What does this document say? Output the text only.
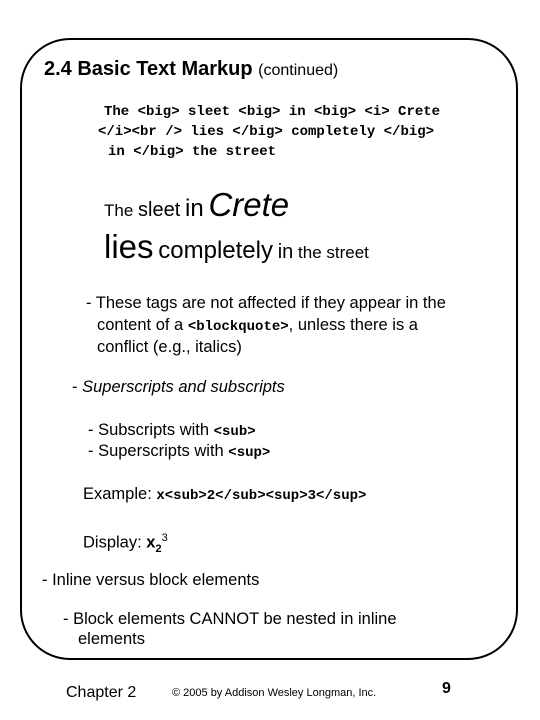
2.4 Basic Text Markup (continued)
The <big> sleet <big> in <big> <i> Crete
</i><br /> lies </big> completely </big>
in </big> the street
The sleet in Crete
lies completely in the street
- These tags are not affected if they appear in the
content of a <blockquote>, unless there is a
conflict (e.g., italics)
- Superscripts and subscripts
- Subscripts with <sub>
- Superscripts with <sup>
Example: x<sub>2</sub><sup>3</sup>
Display: $x_2^3$
- Inline versus block elements
- Block elements CANNOT be nested in inline
elements
Chapter 2	© 2005 by Addison Wesley Longman, Inc.	9
